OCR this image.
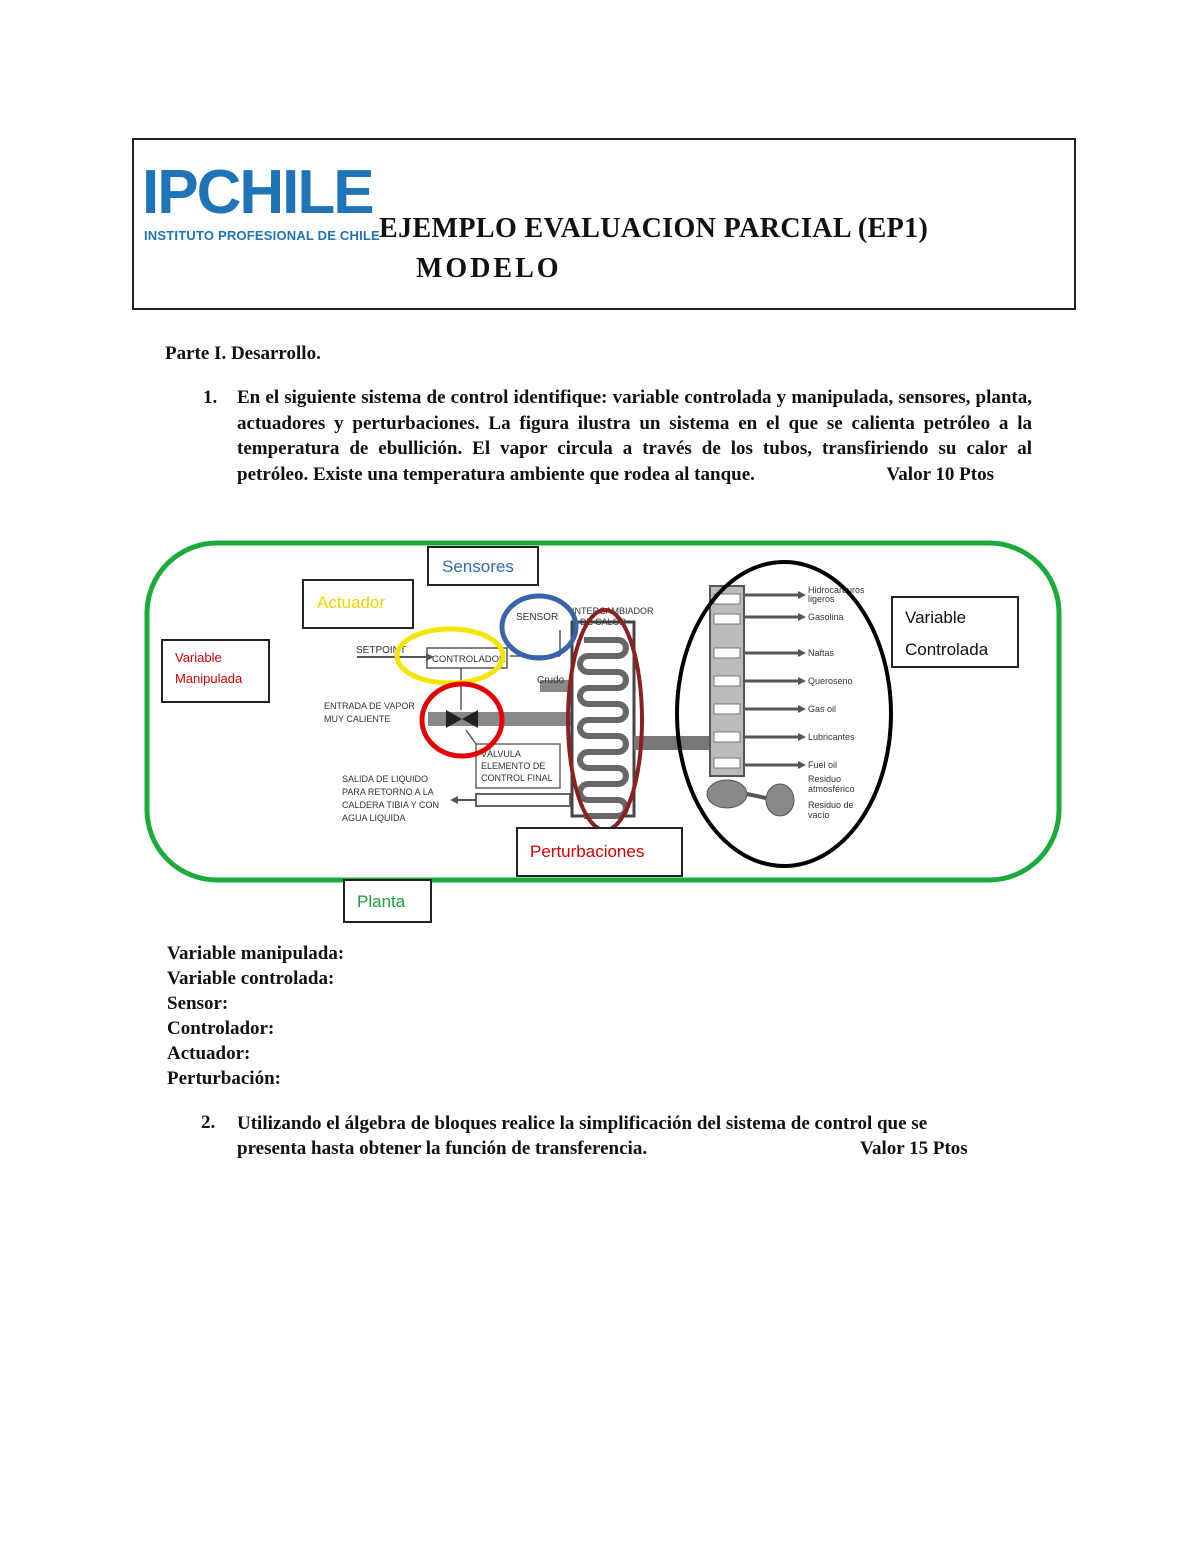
IPCHILE
INSTITUTO PROFESIONAL DE CHILE EJEMPLO EVALUACION PARCIAL (EP1)
MODELO
Parte I. Desarrollo.
1. En el siguiente sistema de control identifique: variable controlada y manipulada, sensores, planta, actuadores y perturbaciones. La figura ilustra un sistema en el que se calienta petróleo a la temperatura de ebullición. El vapor circula a través de los tubos, transfiriendo su calor al petróleo. Existe una temperatura ambiente que rodea al tanque.	Valor 10 Ptos
SETPOINT
CONTROLADOR
SENSOR
INTERCAMBIADOR
DE CALOR
Crudo
ENTRADA DE VAPOR
MUY CALIENTE
VÁLVULA
ELEMENTO DE
CONTROL FINAL
SALIDA DE LIQUIDO
PARA RETORNO A LA
CALDERA TIBIA Y CON
AGUA LIQUIDA
Hidrocarburos
ligeros
Gasolina
Naftas
Queroseno
Gas oil
Lubricantes
Fuel oil
Residuo
atmosférico
Residuo de
vacío
Sensores
Actuador
Variable
Manipulada
Variable
Controlada
Perturbaciones
Planta
Variable manipulada:
Variable controlada:
Sensor:
Controlador:
Actuador:
Perturbación:
2. Utilizando el álgebra de bloques realice la simplificación del sistema de control que se
presenta hasta obtener la función de transferencia.	Valor 15 Ptos
